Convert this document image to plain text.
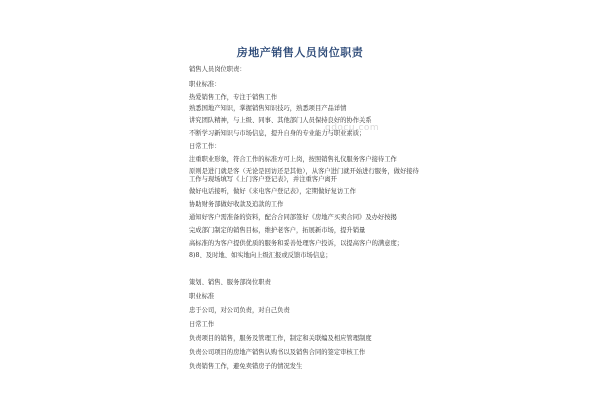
房地产销售人员岗位职责
gdocu.com
销售人员岗位职责：
职业标准：
热爱销售工作，专注于销售工作
熟悉国地产知识，掌握销售知识技巧，熟悉项目产品详情
讲究团队精神，与上级、同事、其他部门人员保持良好的协作关系
不断学习新知识与市场信息，提升自身的专业能力与职业素质；
日常工作：
注重职业形象，符合工作的标准方可上岗，按照销售礼仪服务客户接待工作
原则是进门就是客（无论是回访还是其他），从客户进门就开始进行服务，做好接待工作与现场填写《上门客户登记表》，并注重客户离开
做好电话接听，做好《来电客户登记表》，定期做好复访工作
协助财务部做好收款及追款的工作
通知好客户需准备的资料，配合合同部签好《房地产买卖合同》及办好按揭
完成部门制定的销售目标，维护老客户，拓展新市场，提升销量
高标准的为客户提供优质的服务和妥善处理客户投诉，以提高客户的满意度；
8)8、及时地、如实地向上级汇报或反馈市场信息；
策划、销售、服务部岗位职责
职业标准
忠于公司，对公司负责，对自己负责
日常工作
负责项目的销售，服务及管理工作，制定和关联编及相应管理制度
负责公司项目的房地产销售认购书以及销售合同的签定审核工作
负责销售工作，避免卖错房子的情况发生
